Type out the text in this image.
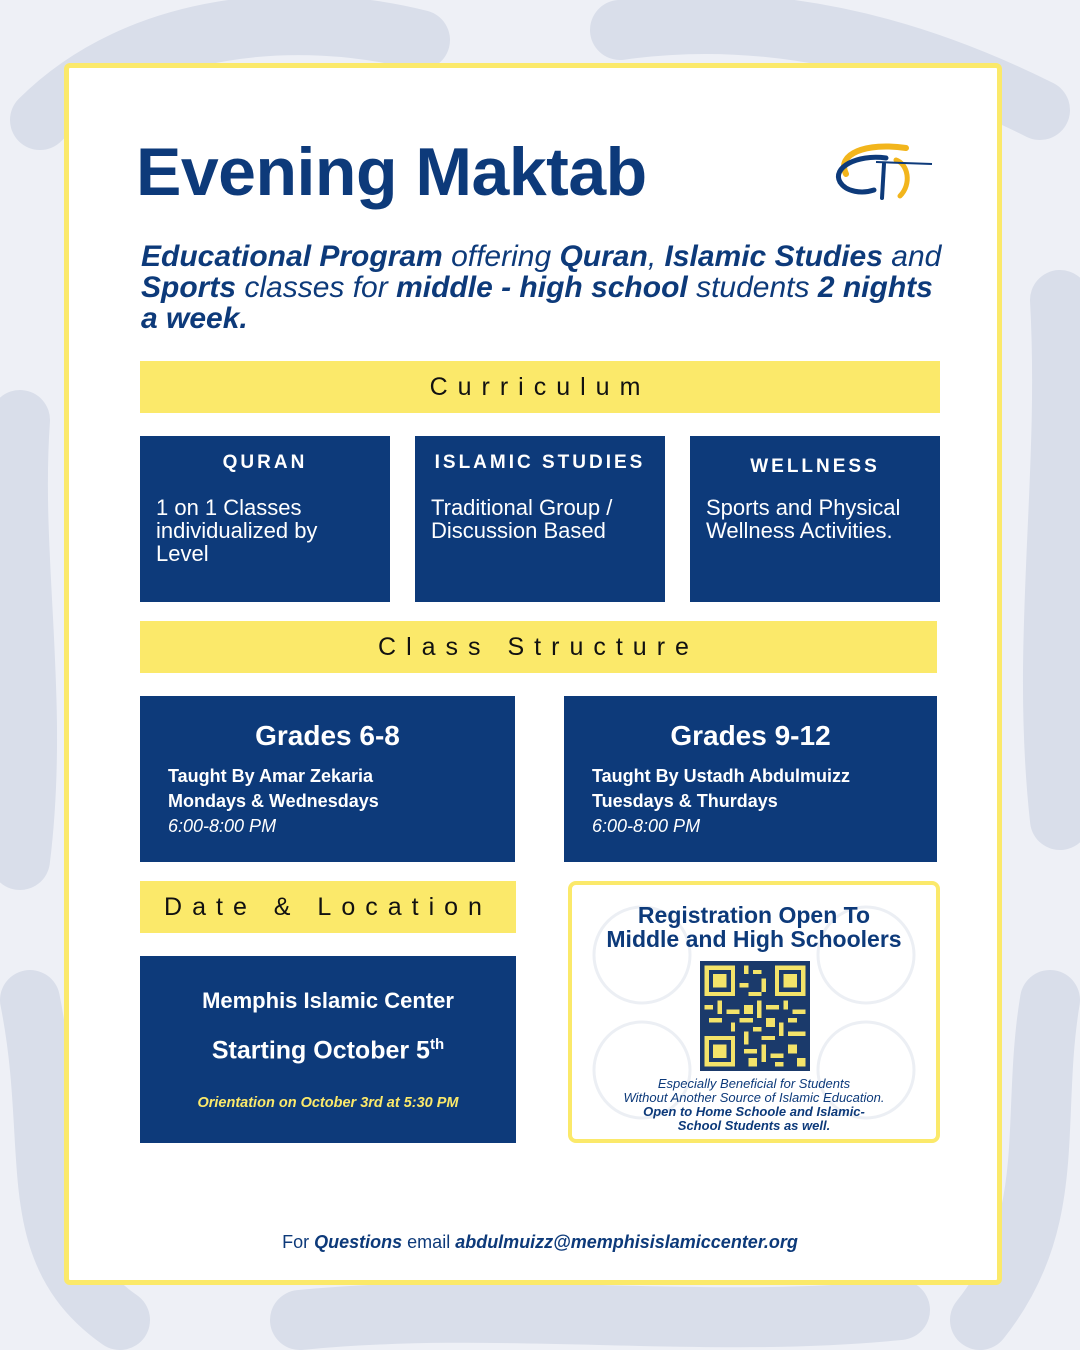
Evening Maktab
Educational Program offering Quran, Islamic Studies and Sports classes for middle - high school students 2 nights a week.
Curriculum
QURAN
1 on 1 Classes individualized by Level
ISLAMIC STUDIES
Traditional Group / Discussion Based
WELLNESS
Sports and Physical Wellness Activities.
Class Structure
Grades 6-8
Taught By Amar Zekaria
Mondays & Wednesdays
6:00-8:00 PM
Grades 9-12
Taught By Ustadh Abdulmuizz
Tuesdays & Thurdays
6:00-8:00 PM
Date & Location
Memphis Islamic Center
Starting October 5th
Orientation on October 3rd at 5:30 PM
Registration Open To
Middle and High Schoolers
Especially Beneficial for Students
Without Another Source of Islamic Education.
Open to Home Schoole and Islamic-
School Students as well.
For Questions email abdulmuizz@memphisislamiccenter.org
